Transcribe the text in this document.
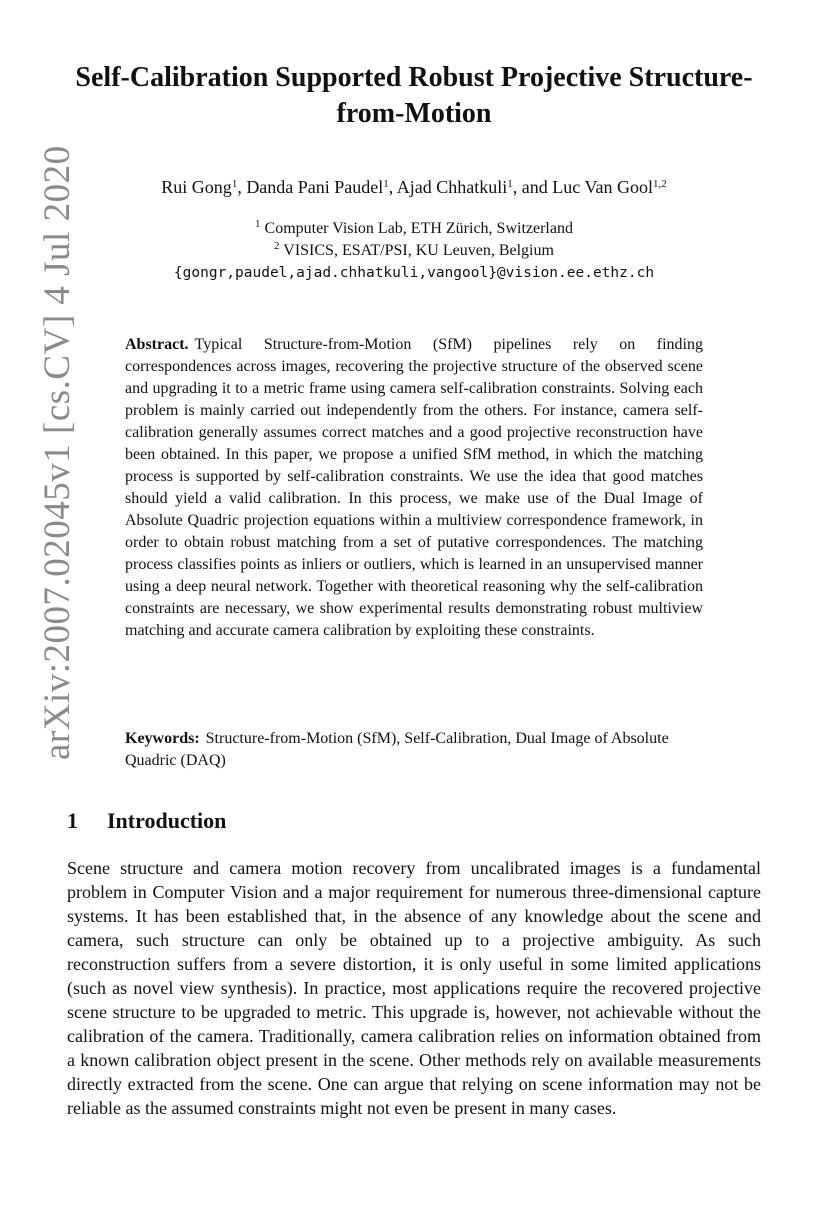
arXiv:2007.02045v1 [cs.CV] 4 Jul 2020
Self-Calibration Supported Robust Projective Structure-from-Motion
Rui Gong$^1$, Danda Pani Paudel$^1$, Ajad Chhatkuli$^1$, and Luc Van Gool$^{1,2}$
$^1$ Computer Vision Lab, ETH Zürich, Switzerland
$^2$ VISICS, ESAT/PSI, KU Leuven, Belgium
{gongr,paudel,ajad.chhatkuli,vangool}@vision.ee.ethz.ch
Abstract. Typical Structure-from-Motion (SfM) pipelines rely on finding correspondences across images, recovering the projective structure of the observed scene and upgrading it to a metric frame using camera self-calibration constraints. Solving each problem is mainly carried out independently from the others. For instance, camera self-calibration generally assumes correct matches and a good projective reconstruction have been obtained. In this paper, we propose a unified SfM method, in which the matching process is supported by self-calibration constraints. We use the idea that good matches should yield a valid calibration. In this process, we make use of the Dual Image of Absolute Quadric projection equations within a multiview correspondence framework, in order to obtain robust matching from a set of putative correspondences. The matching process classifies points as inliers or outliers, which is learned in an unsupervised manner using a deep neural network. Together with theoretical reasoning why the self-calibration constraints are necessary, we show experimental results demonstrating robust multiview matching and accurate camera calibration by exploiting these constraints.
Keywords: Structure-from-Motion (SfM), Self-Calibration, Dual Image of Absolute Quadric (DAQ)
1 Introduction
Scene structure and camera motion recovery from uncalibrated images is a fundamental problem in Computer Vision and a major requirement for numerous three-dimensional capture systems. It has been established that, in the absence of any knowledge about the scene and camera, such structure can only be obtained up to a projective ambiguity. As such reconstruction suffers from a severe distortion, it is only useful in some limited applications (such as novel view synthesis). In practice, most applications require the recovered projective scene structure to be upgraded to metric. This upgrade is, however, not achievable without the calibration of the camera. Traditionally, camera calibration relies on information obtained from a known calibration object present in the scene. Other methods rely on available measurements directly extracted from the scene. One can argue that relying on scene information may not be reliable as the assumed constraints might not even be present in many cases.
